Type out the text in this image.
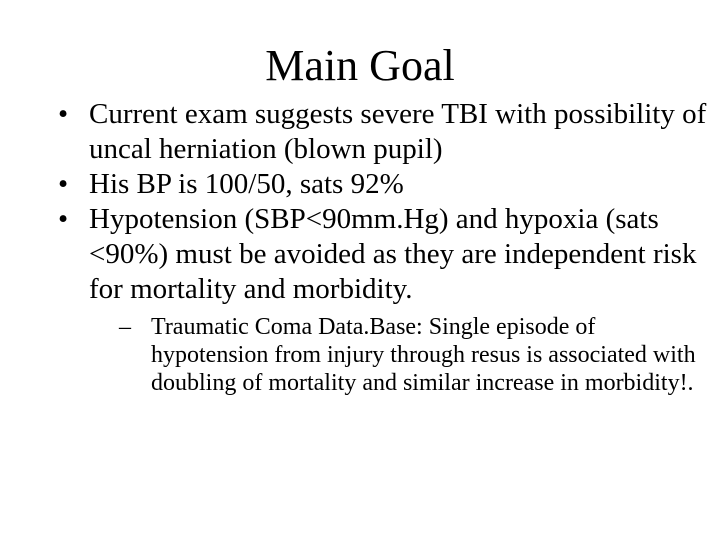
Main Goal
• Current exam suggests severe TBI with possibility of uncal herniation (blown pupil)
• His BP is 100/50, sats 92%
• Hypotension (SBP<90mm.Hg) and hypoxia (sats <90%) must be avoided as they are independent risk for mortality and morbidity.
– Traumatic Coma Data.Base: Single episode of hypotension from injury through resus is associated with doubling of mortality and similar increase in morbidity!.
